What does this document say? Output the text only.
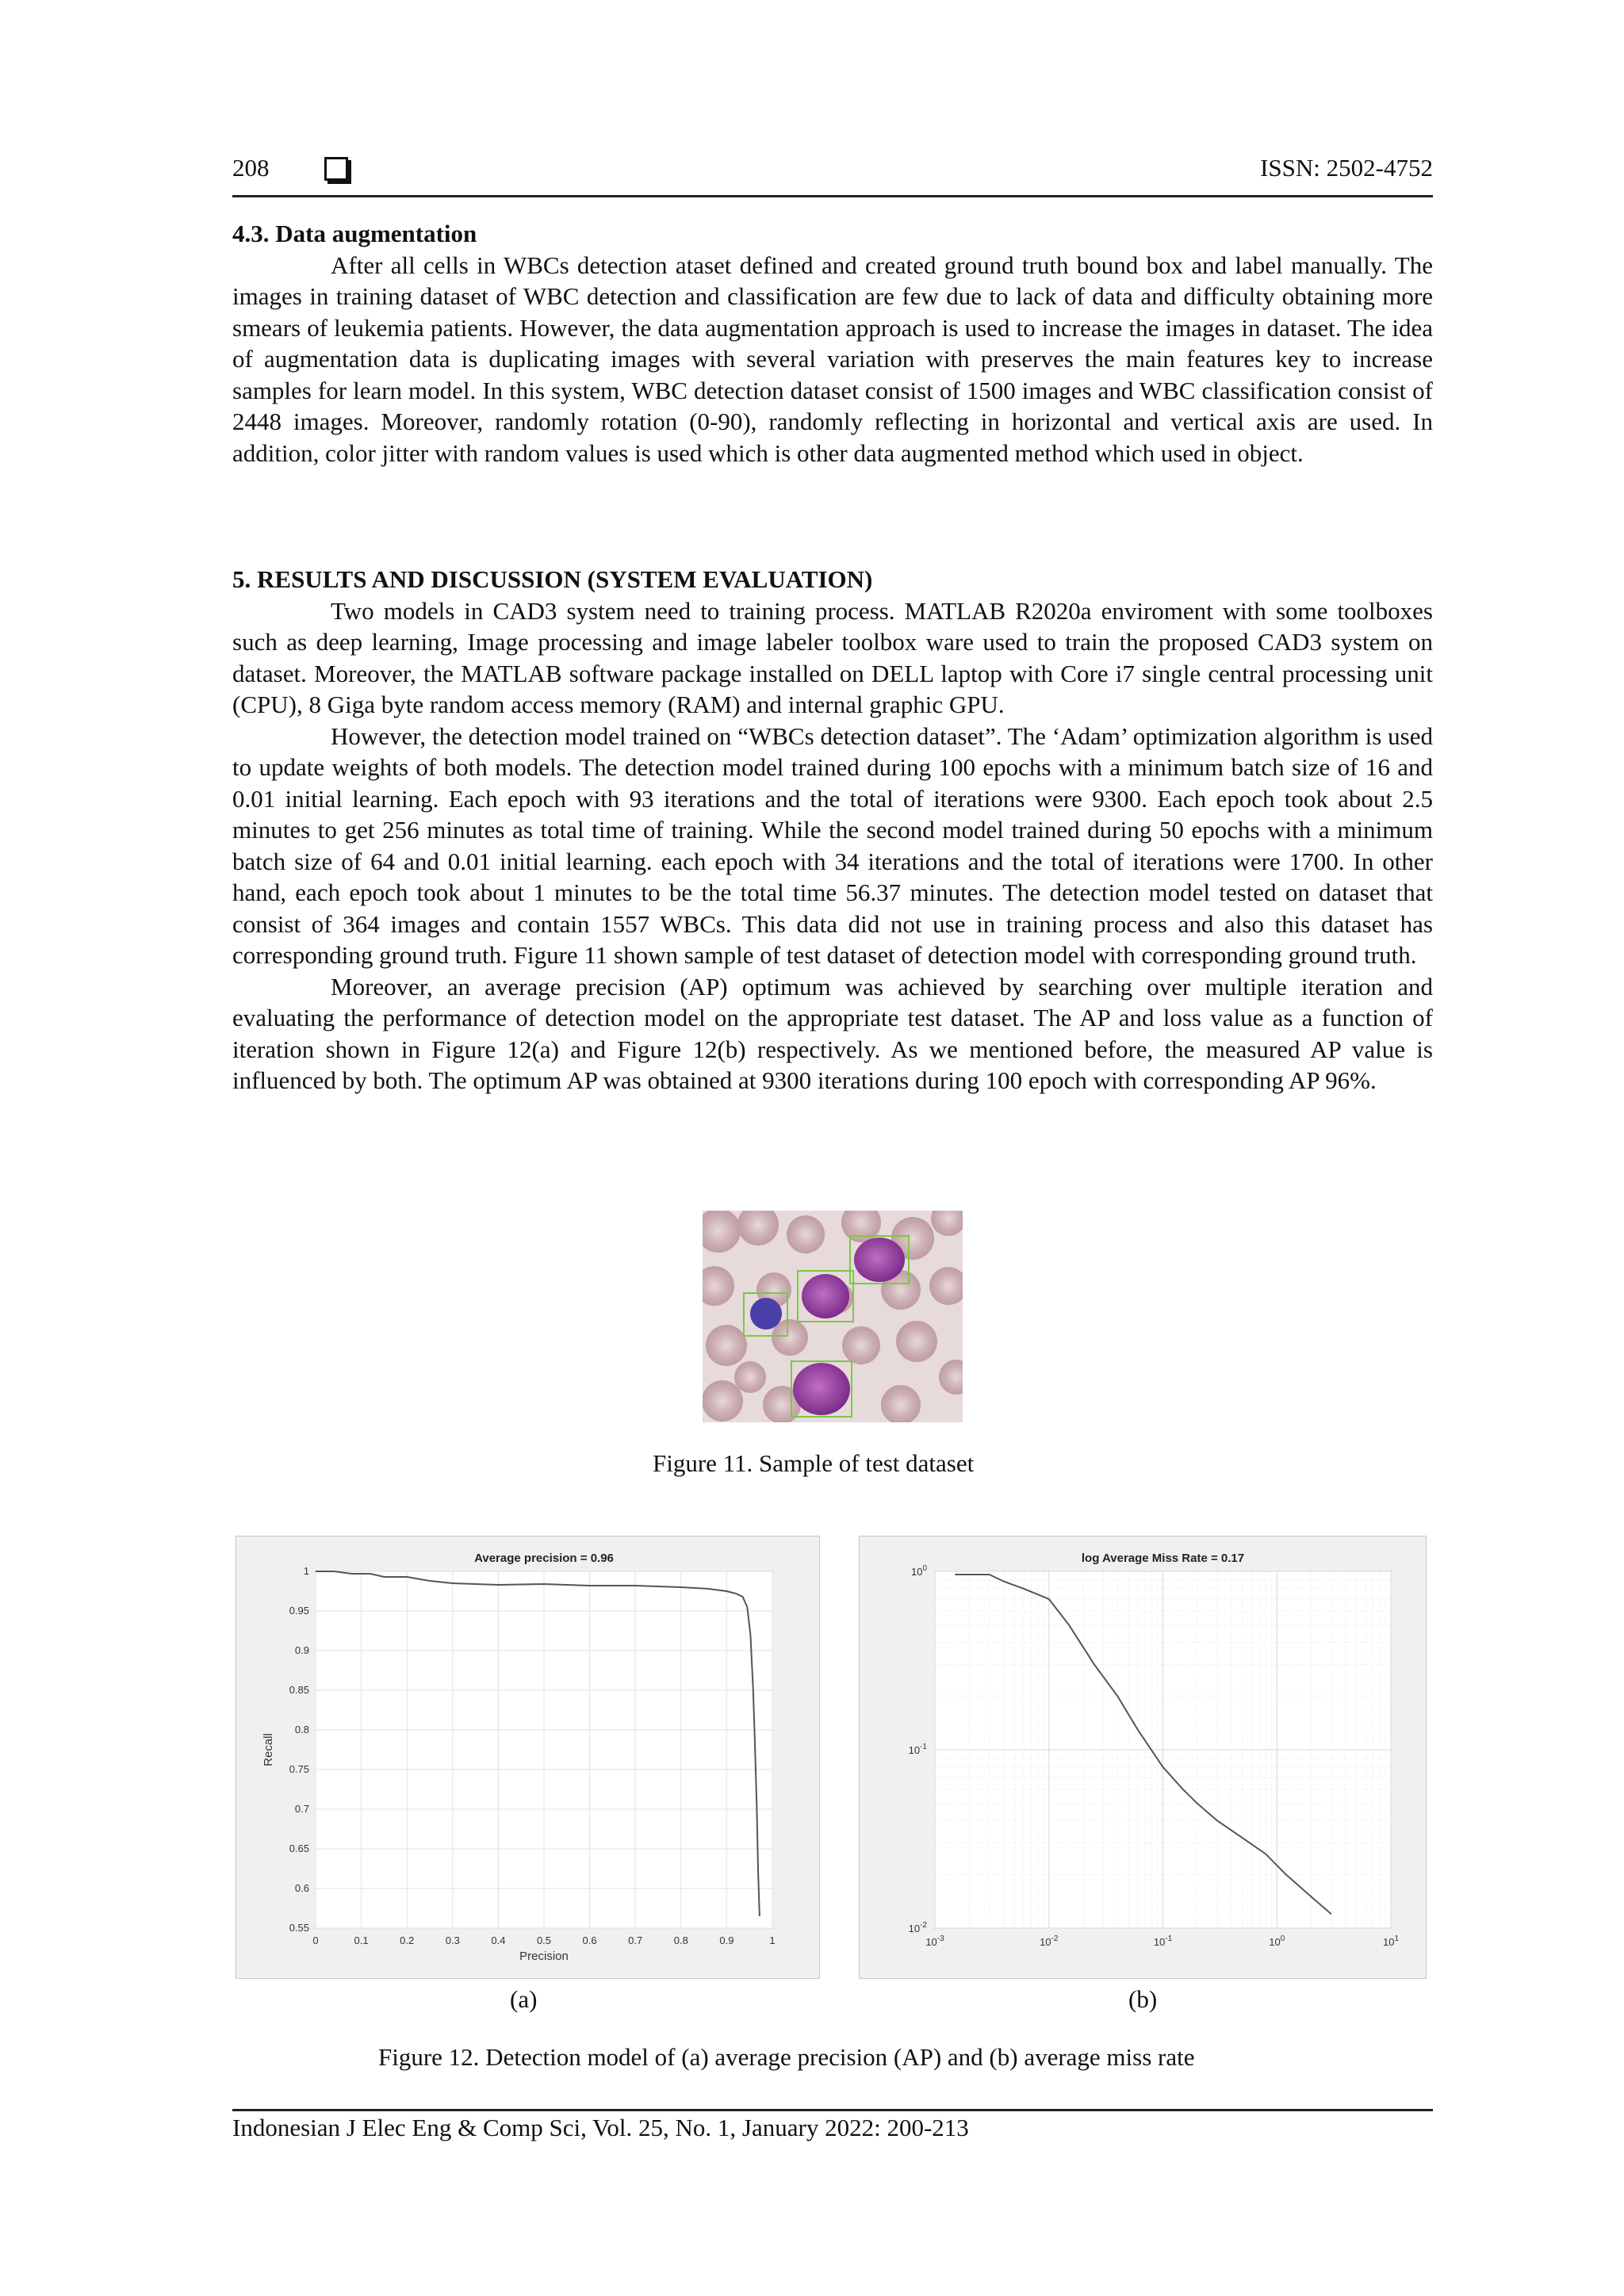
208	ISSN: 2502-4752
4.3. Data augmentation

After all cells in WBCs detection ataset defined and created ground truth bound box and label manually. The images in training dataset of WBC detection and classification are few due to lack of data and difficulty obtaining more smears of leukemia patients. However, the data augmentation approach is used to increase the images in dataset. The idea of augmentation data is duplicating images with several variation with preserves the main features key to increase samples for learn model. In this system, WBC detection dataset consist of 1500 images and WBC classification consist of 2448 images. Moreover, randomly rotation (0-90), randomly reflecting in horizontal and vertical axis are used. In addition, color jitter with random values is used which is other data augmented method which used in object.

5. RESULTS AND DISCUSSION (SYSTEM EVALUATION)

Two models in CAD3 system need to training process. MATLAB R2020a enviroment with some toolboxes such as deep learning, Image processing and image labeler toolbox ware used to train the proposed CAD3 system on dataset. Moreover, the MATLAB software package installed on DELL laptop with Core i7 single central processing unit (CPU), 8 Giga byte random access memory (RAM) and internal graphic GPU.

However, the detection model trained on “WBCs detection dataset”. The ‘Adam’ optimization algorithm is used to update weights of both models. The detection model trained during 100 epochs with a minimum batch size of 16 and 0.01 initial learning. Each epoch with 93 iterations and the total of iterations were 9300. Each epoch took about 2.5 minutes to get 256 minutes as total time of training. While the second model trained during 50 epochs with a minimum batch size of 64 and 0.01 initial learning. each epoch with 34 iterations and the total of iterations were 1700. In other hand, each epoch took about 1 minutes to be the total time 56.37 minutes. The detection model tested on dataset that consist of 364 images and contain 1557 WBCs. This data did not use in training process and also this dataset has corresponding ground truth. Figure 11 shown sample of test dataset of detection model with corresponding ground truth.

Moreover, an average precision (AP) optimum was achieved by searching over multiple iteration and evaluating the performance of detection model on the appropriate test dataset. The AP and loss value as a function of iteration shown in Figure 12(a) and Figure 12(b) respectively. As we mentioned before, the measured AP value is influenced by both. The optimum AP was obtained at 9300 iterations during 100 epoch with corresponding AP 96%.

Figure 11. Sample of test dataset
0	0.1	0.2	0.3	0.4	0.5	0.6	0.7	0.8	0.9	1
0.55
0.6
0.65
0.7
0.75
0.8
0.85
0.9
0.95
1
Average precision = 0.96
Precision
Recall
$10^{-3}$	$10^{-2}$	$10^{-1}$	$10^0$	$10^1$
$10^{-2}$
$10^{-1}$
$10^0$
log Average Miss Rate = 0.17
(a)	(b)
Figure 12. Detection model of (a) average precision (AP) and (b) average miss rate
Indonesian J Elec Eng & Comp Sci, Vol. 25, No. 1, January 2022: 200-213
